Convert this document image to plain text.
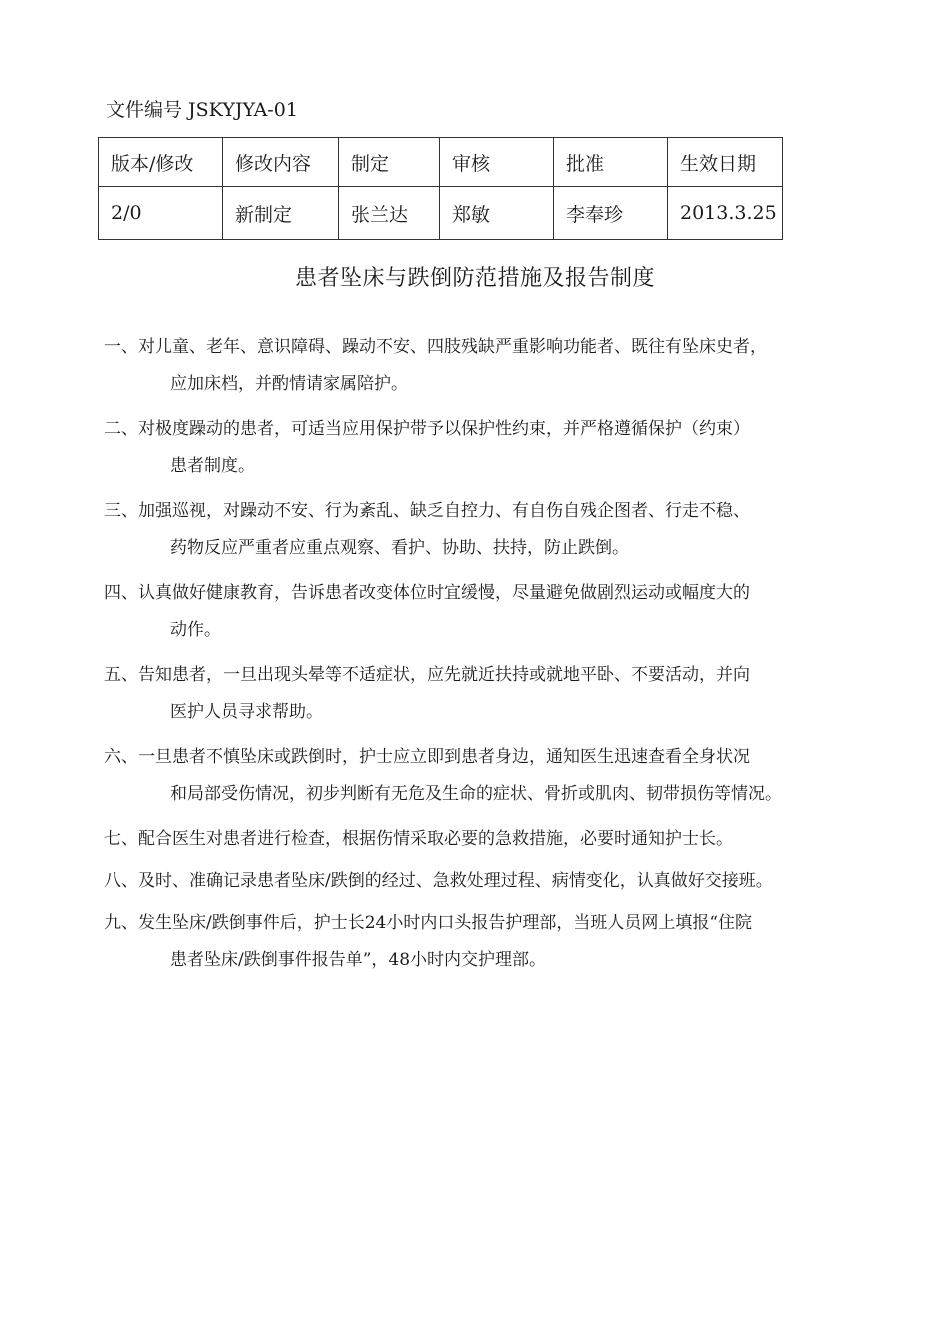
文件编号 JSKYJYA-01
版本/修改	修改内容	制定	审核	批准	生效日期
2/0	新制定	张兰达	郑敏	李奉珍	2013.3.25
患者坠床与跌倒防范措施及报告制度
一、对儿童、老年、意识障碍、躁动不安、四肢残缺严重影响功能者、既往有坠床史者，
应加床档，并酌情请家属陪护。
二、对极度躁动的患者，可适当应用保护带予以保护性约束，并严格遵循保护（约束）
患者制度。
三、加强巡视，对躁动不安、行为紊乱、缺乏自控力、有自伤自残企图者、行走不稳、
药物反应严重者应重点观察、看护、协助、扶持，防止跌倒。
四、认真做好健康教育，告诉患者改变体位时宜缓慢，尽量避免做剧烈运动或幅度大的
动作。
五、告知患者，一旦出现头晕等不适症状，应先就近扶持或就地平卧、不要活动，并向
医护人员寻求帮助。
六、一旦患者不慎坠床或跌倒时，护士应立即到患者身边，通知医生迅速查看全身状况
和局部受伤情况，初步判断有无危及生命的症状、骨折或肌肉、韧带损伤等情况。
七、配合医生对患者进行检查，根据伤情采取必要的急救措施，必要时通知护士长。
八、及时、准确记录患者坠床/跌倒的经过、急救处理过程、病情变化，认真做好交接班。
九、发生坠床/跌倒事件后，护士长24小时内口头报告护理部，当班人员网上填报“住院
患者坠床/跌倒事件报告单”，48小时内交护理部。
